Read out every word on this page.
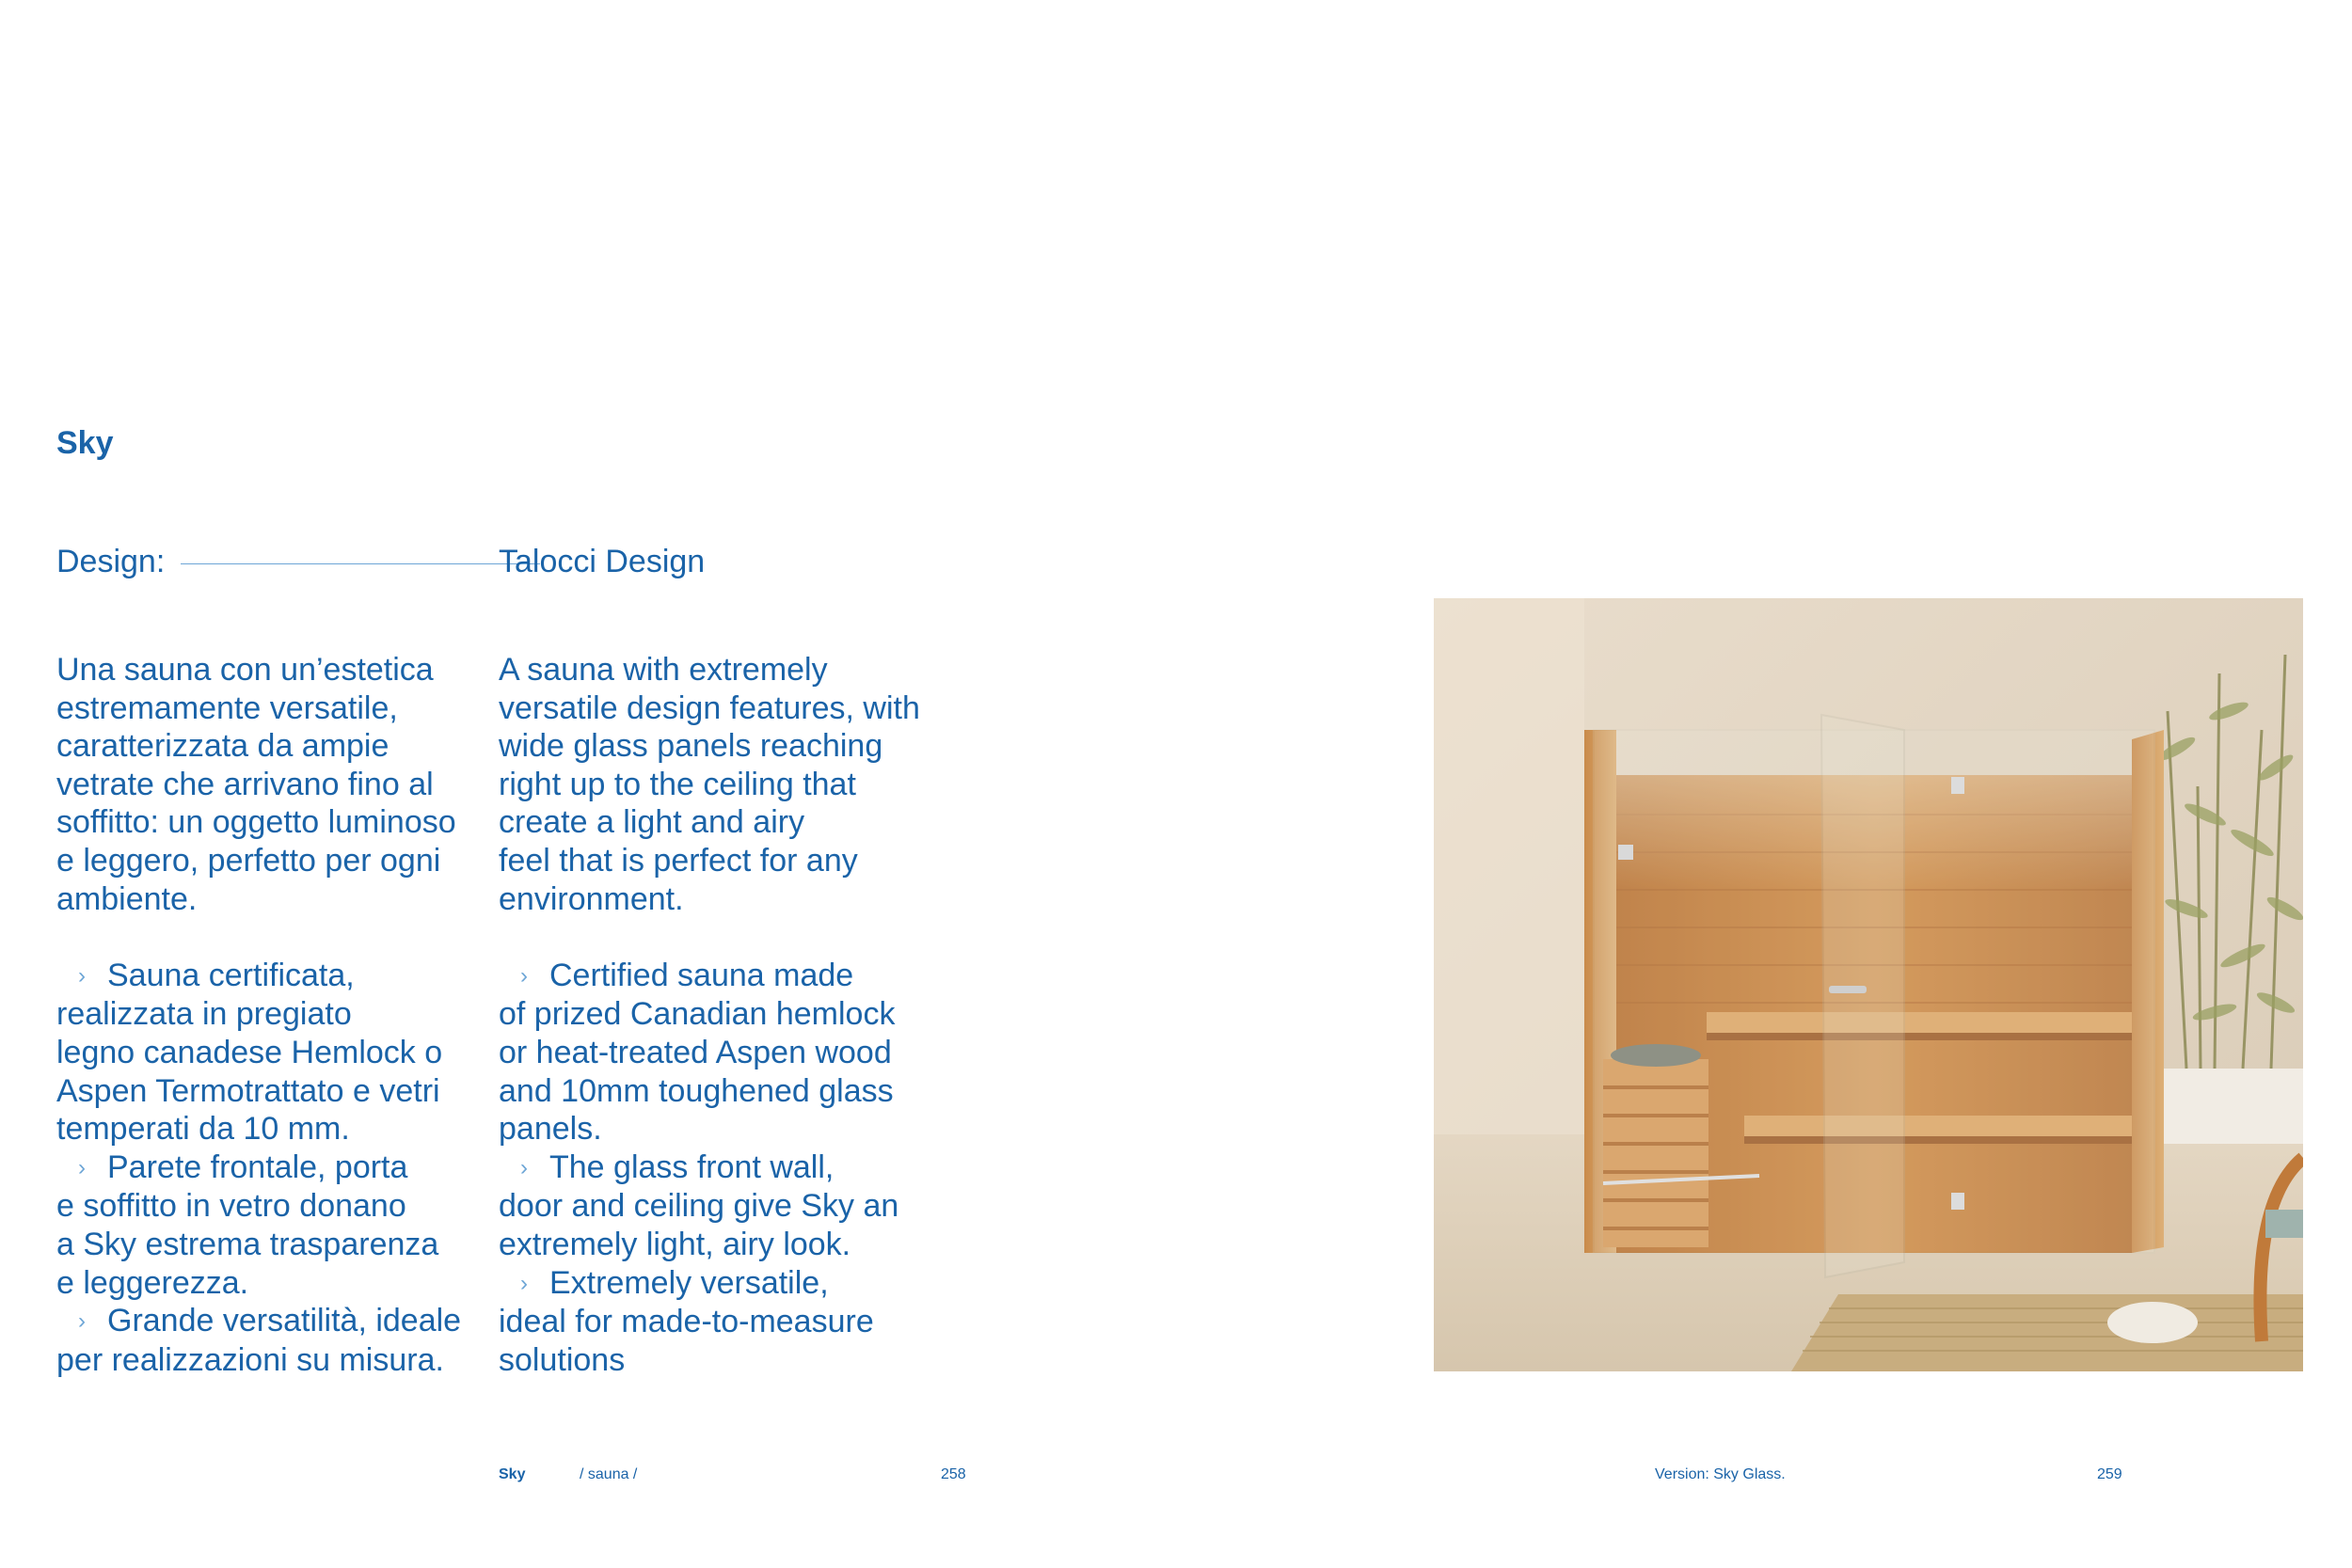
Sky
Design:	Talocci Design

Una sauna con un’estetica
estremamente versatile,
caratterizzata da ampie
vetrate che arrivano fino al
soffitto: un oggetto luminoso
e leggero, perfetto per ogni
ambiente.

› Sauna certificata,
realizzata in pregiato
legno canadese Hemlock o
Aspen Termotrattato e vetri
temperati da 10 mm.
› Parete frontale, porta
e soffitto in vetro donano
a Sky estrema trasparenza
e leggerezza.
› Grande versatilità, ideale
per realizzazioni su misura.

A sauna with extremely
versatile design features, with
wide glass panels reaching
right up to the ceiling that
create a light and airy
feel that is perfect for any
environment.

› Certified sauna made
of prized Canadian hemlock
or heat-treated Aspen wood
and 10mm toughened glass
panels.
› The glass front wall,
door and ceiling give Sky an
extremely light, airy look.
› Extremely versatile,
ideal for made-to-measure
solutions
Sky	/ sauna /	258	Version: Sky Glass.	259
